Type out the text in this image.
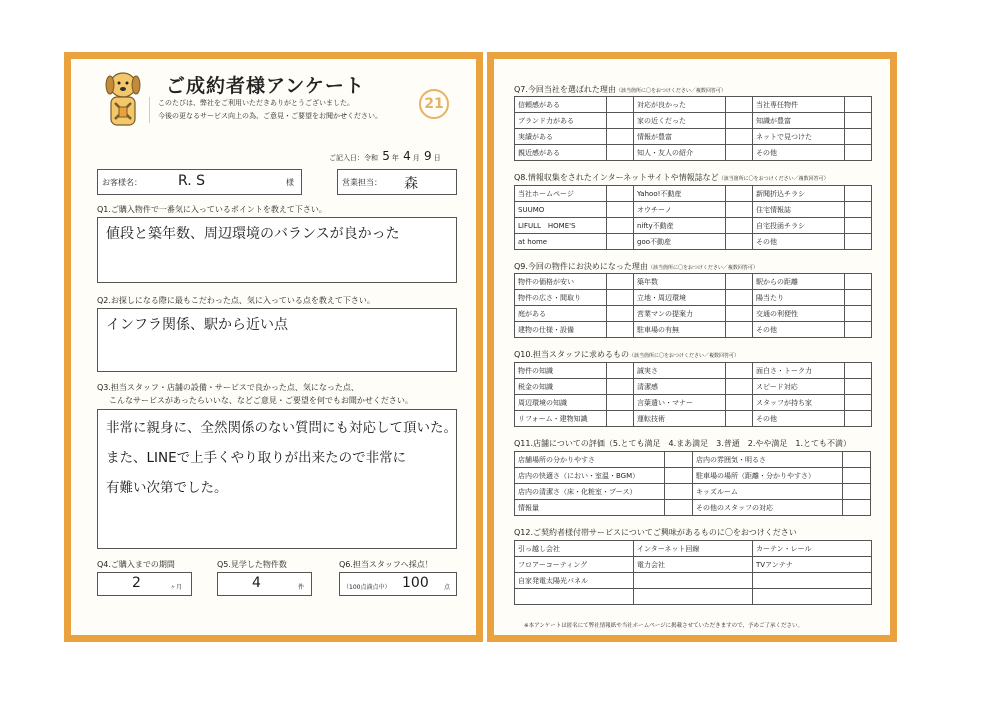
ご成約者様アンケート
このたびは、弊社をご利用いただきありがとうございました。
今後の更なるサービス向上の為、ご意見・ご要望をお聞かせください。
21
ご記入日：令和 5 年 4 月 9 日
お客様名：	R. S	様	営業担当： 森
Q1.ご購入物件で一番気に入っているポイントを教えて下さい。
値段と築年数、周辺環境のバランスが良かった
Q2.お探しになる際に最もこだわった点、気に入っている点を教えて下さい。
インフラ関係、駅から近い点
Q3.担当スタッフ・店舗の設備・サービスで良かった点、気になった点、
こんなサービスがあったらいいな、などご意見・ご要望を何でもお聞かせください。
非常に親身に、全然関係のない質問にも対応して頂いた。
また、LINEで上手くやり取りが出来たので非常に
有難い次第でした。
Q4.ご購入までの期間
2	ヶ月
Q5.見学した物件数
4	件
Q6.担当スタッフへ採点！
（100点満点中） 100	点
Q7.今回当社を選ばれた理由（該当箇所に〇をおつけください／複数回答可）
信頼感がある		対応が良かった		当社専任物件	
ブランド力がある		家の近くだった		知識が豊富	
実績がある		情報が豊富		ネットで見つけた	
親近感がある		知人・友人の紹介		その他	
Q8.情報収集をされたインターネットサイトや情報誌など（該当箇所に〇をおつけください／複数回答可）
当社ホームページ		Yahoo!不動産		新聞折込チラシ	
SUUMO		オウチーノ		住宅情報誌	
LIFULL　HOME'S		nifty不動産		自宅投函チラシ	
at home		goo不動産		その他	
Q9.今回の物件にお決めになった理由（該当箇所に〇をおつけください／複数回答可）
物件の価格が安い		築年数		駅からの距離	
物件の広さ・間取り		立地・周辺環境		陽当たり	
庭がある		営業マンの提案力		交通の利便性	
建物の仕様・設備		駐車場の有無		その他	
Q10.担当スタッフに求めるもの（該当箇所に〇をおつけください／複数回答可）
物件の知識		誠実さ		面白さ・トーク力	
税金の知識		清潔感		スピード対応	
周辺環境の知識		言葉遣い・マナー		スタッフが持ち家	
リフォーム・建物知識		運転技術		その他	
Q11.店舗についての評価（5.とても満足　4.まあ満足　3.普通　2.やや満足　1.とても不満）
店舗場所の分かりやすさ		店内の雰囲気・明るさ	
店内の快適さ（におい・室温・BGM）		駐車場の場所（距離・分かりやすさ）	
店内の清潔さ（床・化粧室・ブース）		キッズルーム	
情報量		その他のスタッフの対応	
Q12.ご契約者様付帯サービスについてご興味があるものに〇をおつけください
引っ越し会社	インターネット回線	カーテン・レール
フロアーコーティング	電力会社	TVアンテナ
自家発電太陽光パネル		

※本アンケートは匿名にて弊社情報紙や当社ホームページに掲載させていただきますので、予めご了承ください。
